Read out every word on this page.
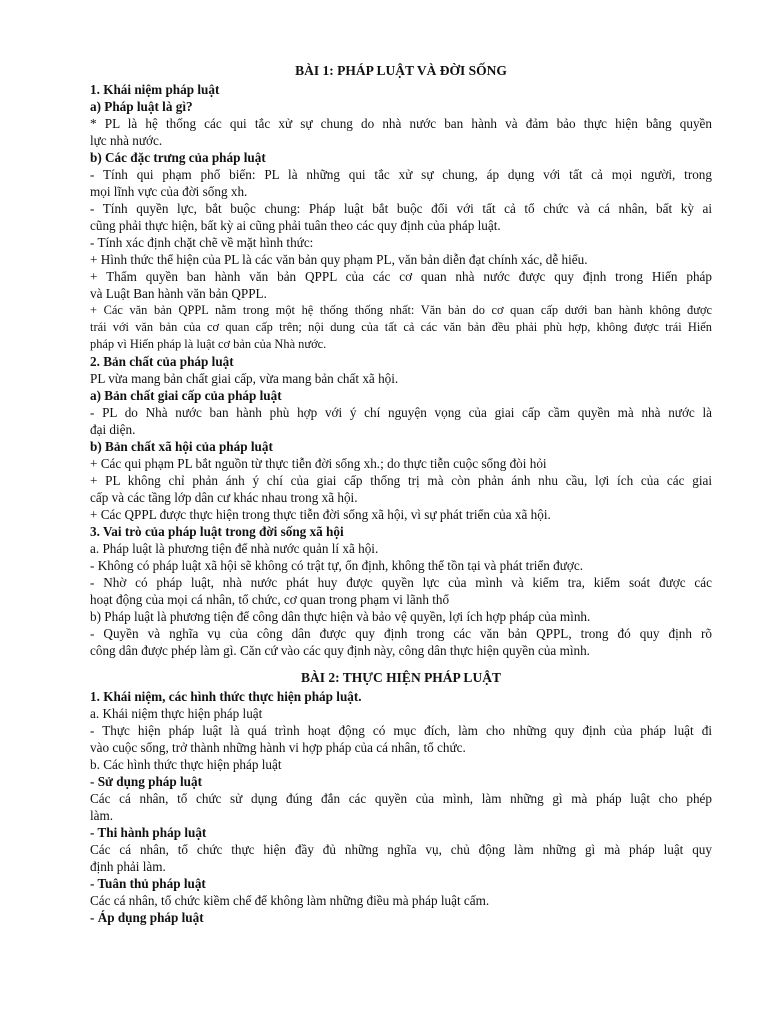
BÀI 1: PHÁP LUẬT VÀ ĐỜI SỐNG
1. Khái niệm pháp luật
a) Pháp luật là gì?
* PL là hệ thống các qui tắc xử sự chung do nhà nước ban hành và đảm bảo thực hiện bằng quyền
lực nhà nước.
b) Các đặc trưng của pháp luật
- Tính qui phạm phổ biến: PL là những qui tắc xử sự chung, áp dụng với tất cả mọi người, trong
mọi lĩnh vực của đời sống xh.
- Tính quyền lực, bắt buộc chung: Pháp luật bắt buộc đối với tất cả tổ chức và cá nhân, bất kỳ ai
cũng phải thực hiện, bất kỳ ai cũng phải tuân theo các quy định của pháp luật.
- Tính xác định chặt chẽ về mặt hình thức:
+ Hình thức thể hiện của PL là các văn bản quy phạm PL, văn bản diễn đạt chính xác, dễ hiểu.
+ Thẩm quyền ban hành văn bản QPPL của các cơ quan nhà nước được quy định trong Hiến pháp
và Luật Ban hành văn bản QPPL.
+ Các văn bản QPPL nằm trong một hệ thống thống nhất: Văn bản do cơ quan cấp dưới ban hành không được
trái với văn bản của cơ quan cấp trên; nội dung của tất cả các văn bản đều phải phù hợp, không được trái Hiến
pháp vì Hiến pháp là luật cơ bản của Nhà nước.
2. Bản chất của pháp luật
PL vừa mang bản chất giai cấp, vừa mang bản chất xã hội.
a) Bản chất giai cấp của pháp luật
- PL do Nhà nước ban hành phù hợp với ý chí nguyện vọng của giai cấp cầm quyền mà nhà nước là
đại diện.
b) Bản chất xã hội của pháp luật
+ Các qui phạm PL bắt nguồn từ thực tiễn đời sống xh.; do thực tiễn cuộc sống đòi hỏi
+ PL không chỉ phản ánh ý chí của giai cấp thống trị mà còn phản ánh nhu cầu, lợi ích của các giai
cấp và các tầng lớp dân cư khác nhau trong xã hội.
+ Các QPPL được thực hiện trong thực tiễn đời sống xã hội, vì sự phát triển của xã hội.
3. Vai trò của pháp luật trong đời sống xã hội
a. Pháp luật là phương tiện để nhà nước quản lí xã hội.
- Không có pháp luật xã hội sẽ không có trật tự, ổn định, không thể tồn tại và phát triển được.
- Nhờ có pháp luật, nhà nước phát huy được quyền lực của mình và kiểm tra, kiểm soát được các
hoạt động của mọi cá nhân, tổ chức, cơ quan trong phạm vi lãnh thổ
b) Pháp luật là phương tiện để công dân thực hiện và bảo vệ quyền, lợi ích hợp pháp của mình.
- Quyền và nghĩa vụ của công dân được quy định trong các văn bản QPPL, trong đó quy định rõ
công dân được phép làm gì. Căn cứ vào các quy định này, công dân thực hiện quyền của mình.
BÀI 2: THỰC HIỆN PHÁP LUẬT
1. Khái niệm, các hình thức thực hiện pháp luật.
a. Khái niệm thực hiện pháp luật
- Thực hiện pháp luật là quá trình hoạt động có mục đích, làm cho những quy định của pháp luật đi
vào cuộc sống, trở thành những hành vi hợp pháp của cá nhân, tổ chức.
b. Các hình thức thực hiện pháp luật
- Sử dụng pháp luật
Các cá nhân, tổ chức sử dụng đúng đắn các quyền của mình, làm những gì mà pháp luật cho phép
làm.
- Thi hành pháp luật
Các cá nhân, tổ chức thực hiện đầy đủ những nghĩa vụ, chủ động làm những gì mà pháp luật quy
định phải làm.
- Tuân thủ pháp luật
Các cá nhân, tổ chức kiềm chế để không làm những điều mà pháp luật cấm.
- Áp dụng pháp luật
